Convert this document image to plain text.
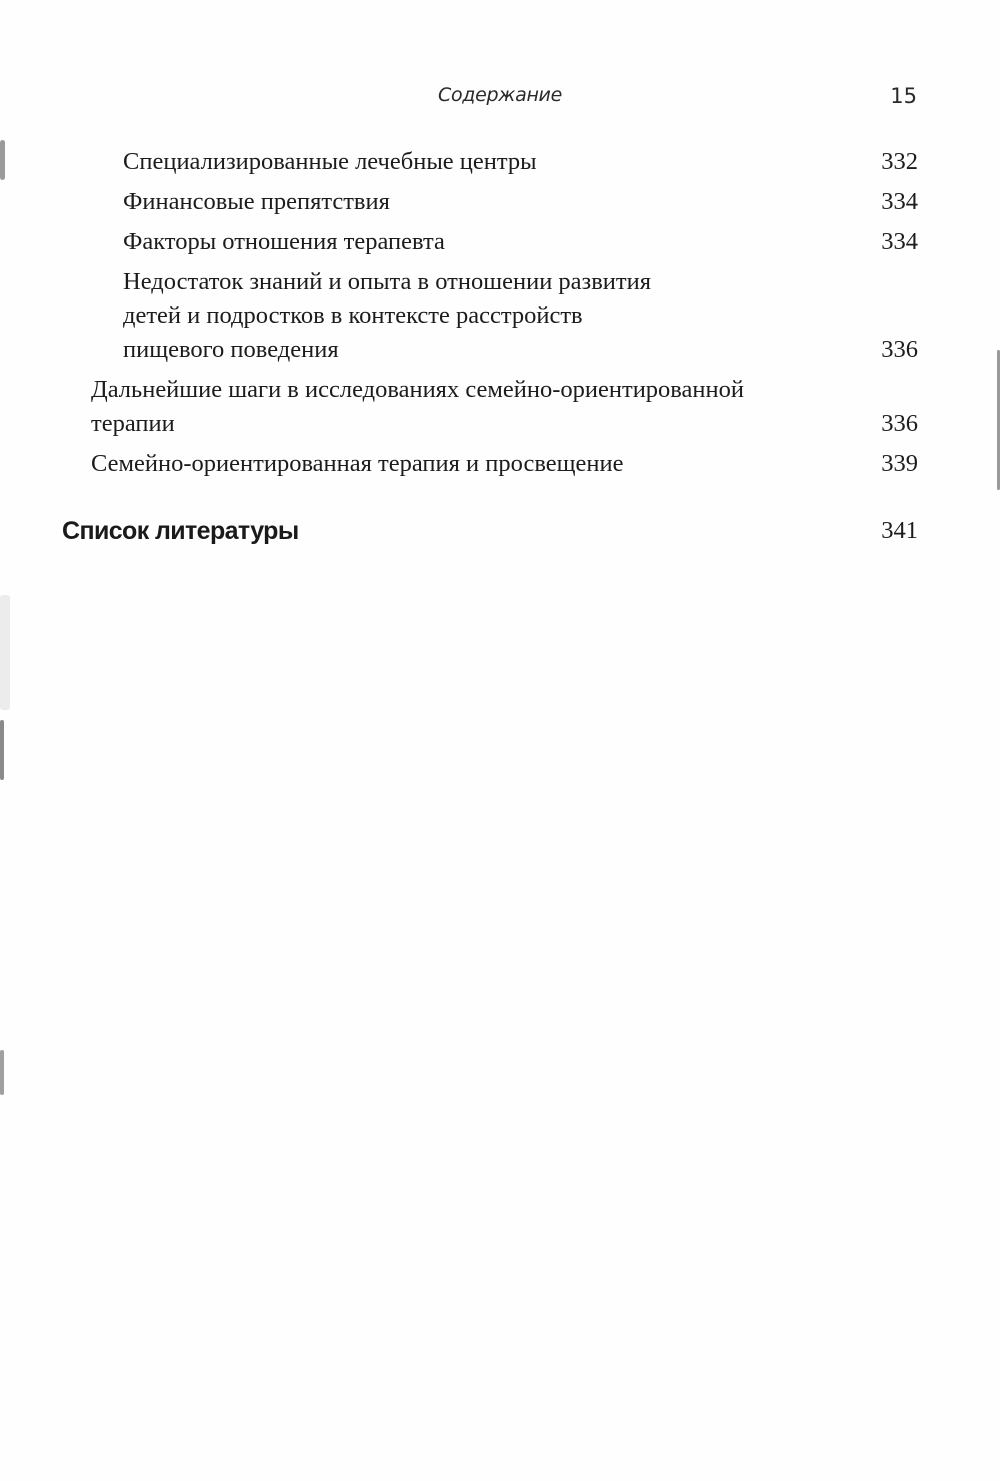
Содержание	15
Специализированные лечебные центры	332
Финансовые препятствия	334
Факторы отношения терапевта	334
Недостаток знаний и опыта в отношении развития
детей и подростков в контексте расстройств
пищевого поведения	336
Дальнейшие шаги в исследованиях семейно-ориентированной
терапии	336
Семейно-ориентированная терапия и просвещение	339
Список литературы	341
